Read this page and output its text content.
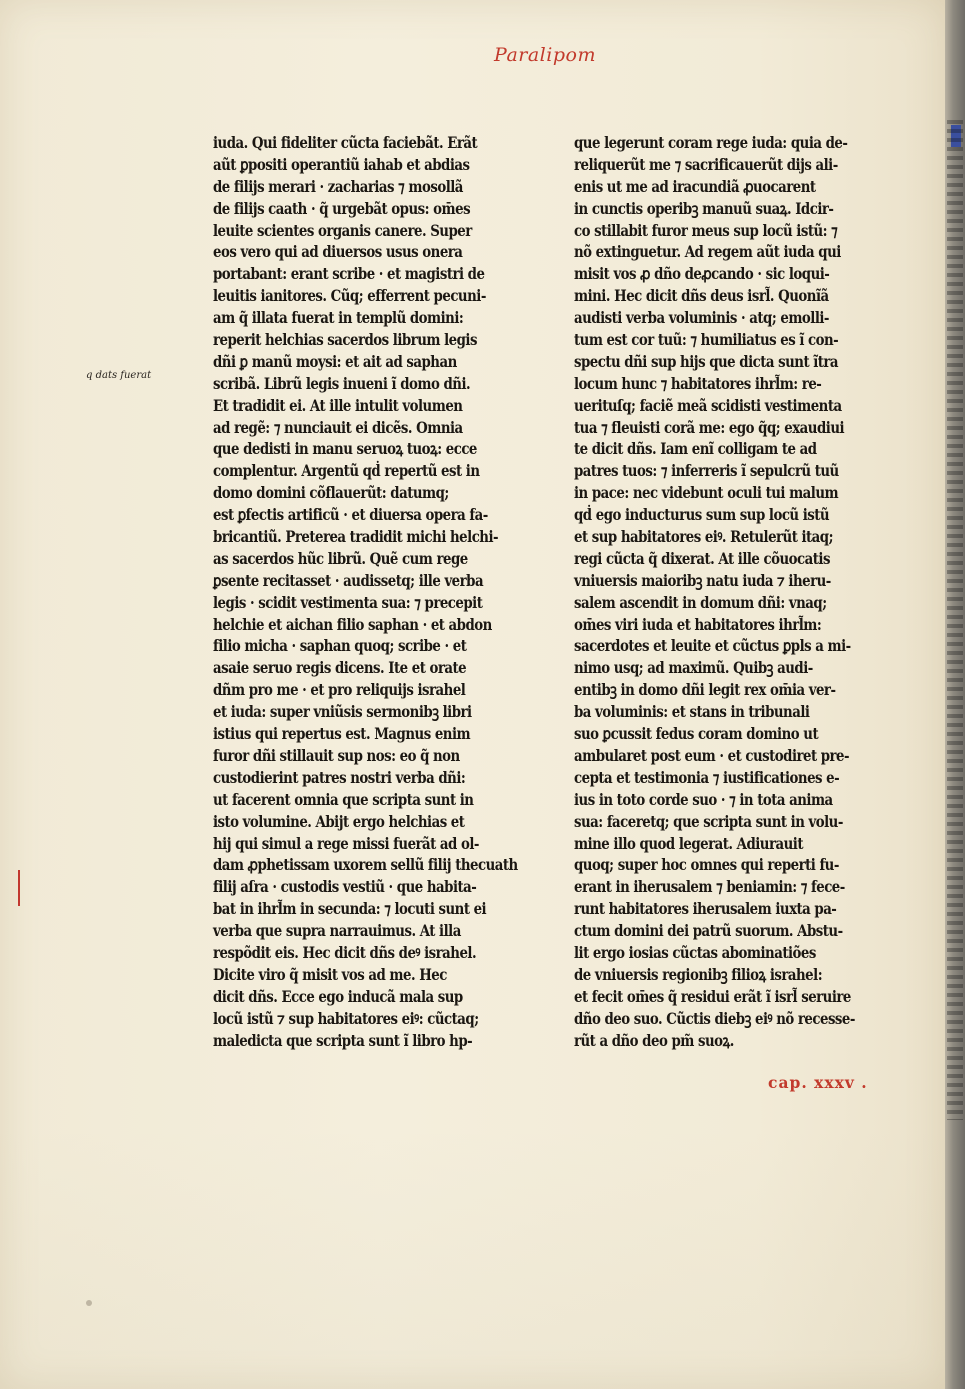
Paralipom
q dats fuerat
iuda. Qui fideliter cũcta faciebãt. Erãt
aũt ꝑpositi operantiũ iahab et abdias
de filijs merari · zacharias ⁊ mosollã
de filijs caath · q̃ urgebãt opus: om̄es
leuite scientes organis canere. Super
eos vero qui ad diuersos usus onera
portabant: erant scribe · et magistri de
leuitis ianitores. Cũq; efferrent pecuni-
am q̃ illata fuerat in templũ domini:
reperit helchias sacerdos librum legis
dñi ꝑ manũ moysi: et ait ad saphan
scribã. Librũ legis inueni ĩ domo dñi.
Et tradidit ei. At ille intulit volumen
ad regẽ: ⁊ nunciauit ei dicẽs. Omnia
que dedisti in manu seruoꝝ tuoꝝ: ecce
complentur. Argentũ qḋ repertũ est in
domo domini cõflauerũt: datumq;
est ꝑfectis artificũ · et diuersa opera fa-
bricantiũ. Preterea tradidit michi helchi-
as sacerdos hũc librũ. Quẽ cum rege
ꝑsente recitasset · audissetq; ille verba
legis · scidit vestimenta sua: ⁊ precepit
helchie et aichan filio saphan · et abdon
filio micha · saphan quoq; scribe · et
asaie seruo regis dicens. Ite et orate
dñm pro me · et pro reliquijs israhel
et iuda: super vniũsis sermonibꝫ libri
istius qui repertus est. Magnus enim
furor dñi stillauit sup nos: eo q̃ non
custodierint patres nostri verba dñi:
ut facerent omnia que scripta sunt in
isto volumine. Abijt ergo helchias et
hij qui simul a rege missi fuerãt ad ol-
dam ꝓphetissam uxorem sellũ filij thecuath
filij aſra · custodis vestiũ · que habita-
bat in ihrl̃m in secunda: ⁊ locuti sunt ei
verba que supra narrauimus. At illa
respõdit eis. Hec dicit dñs deꝰ israhel.
Dicite viro q̃ misit vos ad me. Hec
dicit dñs. Ecce ego inducã mala sup
locũ istũ ⁊ sup habitatores eiꝰ: cũctaq;
maledicta que scripta sunt ĩ libro hp-
que legerunt coram rege iuda: quia de-
reliquerũt me ⁊ sacrificauerũt dijs ali-
enis ut me ad iracundiã ꝓuocarent
in cunctis operibꝫ manuũ suaꝝ. Idcir-
co stillabit furor meus sup locũ istũ: ⁊
nõ extinguetur. Ad regem aũt iuda qui
misit vos ꝓ dño deꝓcando · sic loqui-
mini. Hec dicit dñs deus isrl̃. Quonĩã
audisti verba voluminis · atq; emolli-
tum est cor tuũ: ⁊ humiliatus es ĩ con-
spectu dñi sup hijs que dicta sunt ĩtra
locum hunc ⁊ habitatores ihrl̃m: re-
uerituſq; faciẽ meã scidisti vestimenta
tua ⁊ fleuisti corã me: ego q̃q; exaudiui
te dicit dñs. Iam enĩ colligam te ad
patres tuos: ⁊ inferreris ĩ sepulcrũ tuũ
in pace: nec videbunt oculi tui malum
qḋ ego inducturus sum sup locũ istũ
et sup habitatores eiꝰ. Retulerũt itaq;
regi cũcta q̃ dixerat. At ille cõuocatis
vniuersis maioribꝫ natu iuda ⁊ iheru-
salem ascendit in domum dñi: vnaq;
om̄es viri iuda et habitatores ihrl̃m:
sacerdotes et leuite et cũctus ꝑpls a mi-
nimo usq; ad maximũ. Quibꝫ audi-
entibꝫ in domo dñi legit rex om̄ia ver-
ba voluminis: et stans in tribunali
suo ꝑcussit fedus coram domino ut
ambularet post eum · et custodiret pre-
cepta et testimonia ⁊ iustificationes e-
ius in toto corde suo · ⁊ in tota anima
sua: faceretq; que scripta sunt in volu-
mine illo quod legerat. Adiurauit
quoq; super hoc omnes qui reperti fu-
erant in iherusalem ⁊ beniamin: ⁊ fece-
runt habitatores iherusalem iuxta pa-
ctum domini dei patrũ suorum. Abstu-
lit ergo iosias cũctas abominatiões
de vniuersis regionibꝫ filioꝝ israhel:
et fecit om̄es q̃ residui erãt ĩ isrl̃ seruire
dño deo suo. Cũctis diebꝫ eiꝰ nõ recesse-
rũt a dño deo pm̃ suoꝝ.
cap. xxxv .
